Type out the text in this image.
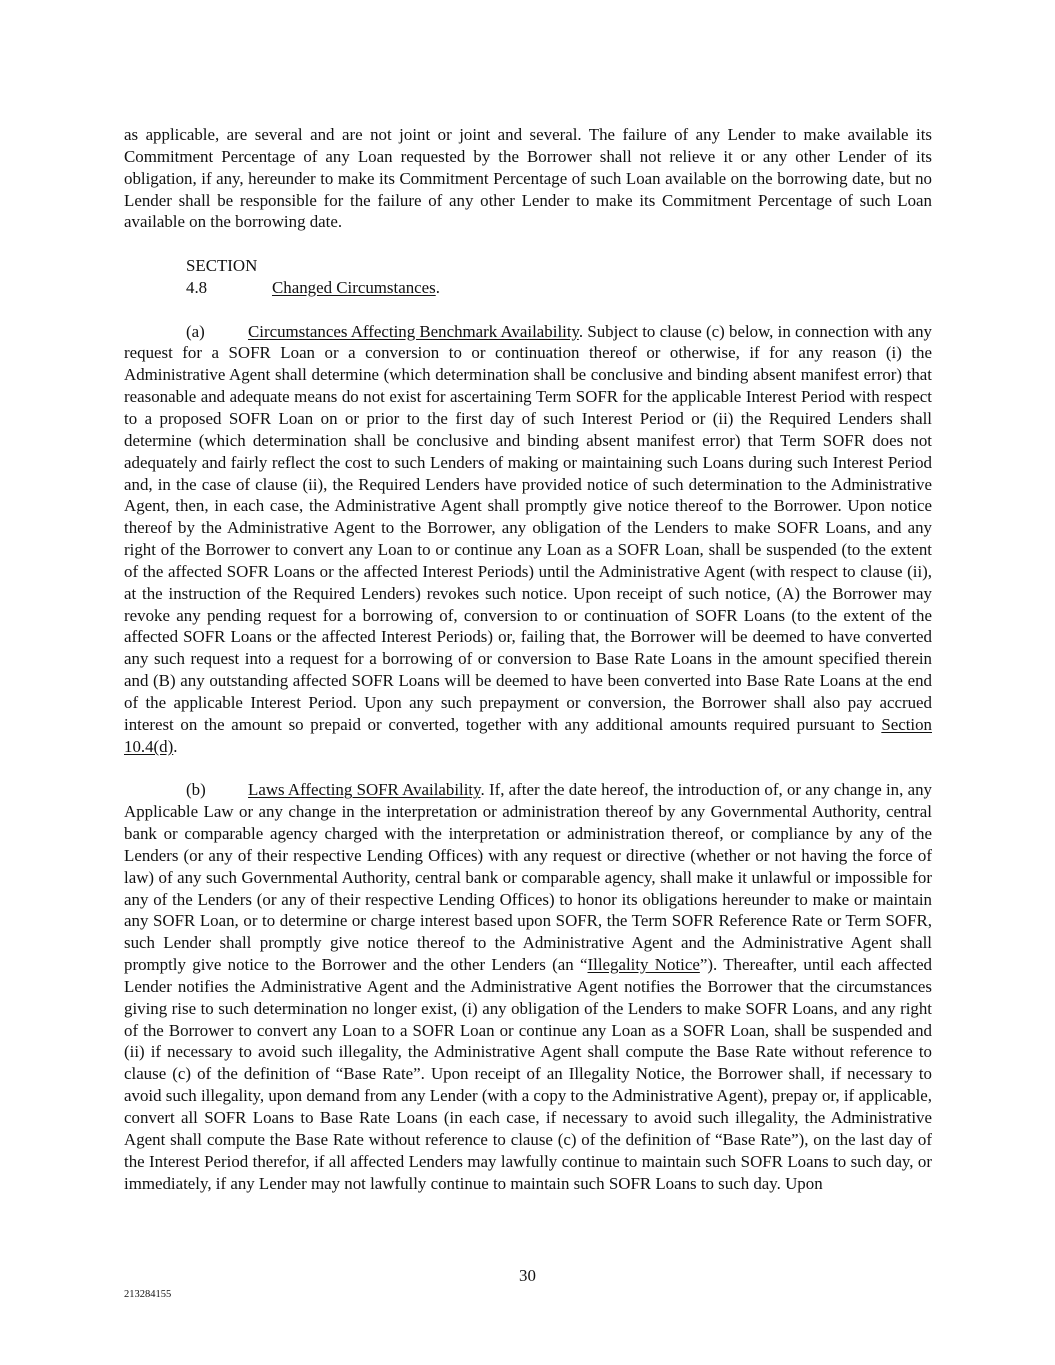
as applicable, are several and are not joint or joint and several. The failure of any Lender to make available its Commitment Percentage of any Loan requested by the Borrower shall not relieve it or any other Lender of its obligation, if any, hereunder to make its Commitment Percentage of such Loan available on the borrowing date, but no Lender shall be responsible for the failure of any other Lender to make its Commitment Percentage of such Loan available on the borrowing date.

SECTION 4.8	Changed Circumstances.

(a)	Circumstances Affecting Benchmark Availability. Subject to clause (c) below, in connection with any request for a SOFR Loan or a conversion to or continuation thereof or otherwise, if for any reason (i) the Administrative Agent shall determine (which determination shall be conclusive and binding absent manifest error) that reasonable and adequate means do not exist for ascertaining Term SOFR for the applicable Interest Period with respect to a proposed SOFR Loan on or prior to the first day of such Interest Period or (ii) the Required Lenders shall determine (which determination shall be conclusive and binding absent manifest error) that Term SOFR does not adequately and fairly reflect the cost to such Lenders of making or maintaining such Loans during such Interest Period and, in the case of clause (ii), the Required Lenders have provided notice of such determination to the Administrative Agent, then, in each case, the Administrative Agent shall promptly give notice thereof to the Borrower. Upon notice thereof by the Administrative Agent to the Borrower, any obligation of the Lenders to make SOFR Loans, and any right of the Borrower to convert any Loan to or continue any Loan as a SOFR Loan, shall be suspended (to the extent of the affected SOFR Loans or the affected Interest Periods) until the Administrative Agent (with respect to clause (ii), at the instruction of the Required Lenders) revokes such notice. Upon receipt of such notice, (A) the Borrower may revoke any pending request for a borrowing of, conversion to or continuation of SOFR Loans (to the extent of the affected SOFR Loans or the affected Interest Periods) or, failing that, the Borrower will be deemed to have converted any such request into a request for a borrowing of or conversion to Base Rate Loans in the amount specified therein and (B) any outstanding affected SOFR Loans will be deemed to have been converted into Base Rate Loans at the end of the applicable Interest Period. Upon any such prepayment or conversion, the Borrower shall also pay accrued interest on the amount so prepaid or converted, together with any additional amounts required pursuant to Section 10.4(d).

(b)	Laws Affecting SOFR Availability. If, after the date hereof, the introduction of, or any change in, any Applicable Law or any change in the interpretation or administration thereof by any Governmental Authority, central bank or comparable agency charged with the interpretation or administration thereof, or compliance by any of the Lenders (or any of their respective Lending Offices) with any request or directive (whether or not having the force of law) of any such Governmental Authority, central bank or comparable agency, shall make it unlawful or impossible for any of the Lenders (or any of their respective Lending Offices) to honor its obligations hereunder to make or maintain any SOFR Loan, or to determine or charge interest based upon SOFR, the Term SOFR Reference Rate or Term SOFR, such Lender shall promptly give notice thereof to the Administrative Agent and the Administrative Agent shall promptly give notice to the Borrower and the other Lenders (an “Illegality Notice”). Thereafter, until each affected Lender notifies the Administrative Agent and the Administrative Agent notifies the Borrower that the circumstances giving rise to such determination no longer exist, (i) any obligation of the Lenders to make SOFR Loans, and any right of the Borrower to convert any Loan to a SOFR Loan or continue any Loan as a SOFR Loan, shall be suspended and (ii) if necessary to avoid such illegality, the Administrative Agent shall compute the Base Rate without reference to clause (c) of the definition of “Base Rate”. Upon receipt of an Illegality Notice, the Borrower shall, if necessary to avoid such illegality, upon demand from any Lender (with a copy to the Administrative Agent), prepay or, if applicable, convert all SOFR Loans to Base Rate Loans (in each case, if necessary to avoid such illegality, the Administrative Agent shall compute the Base Rate without reference to clause (c) of the definition of “Base Rate”), on the last day of the Interest Period therefor, if all affected Lenders may lawfully continue to maintain such SOFR Loans to such day, or immediately, if any Lender may not lawfully continue to maintain such SOFR Loans to such day. Upon

30
213284155
